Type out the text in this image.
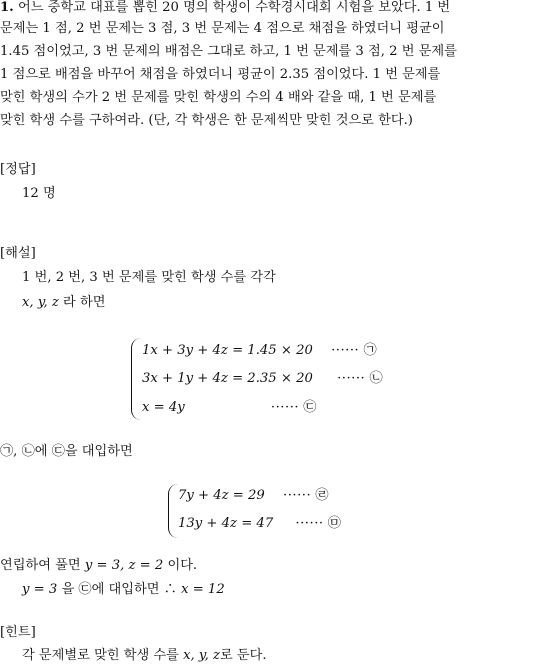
1. 어느 중학교 대표를 뽑힌 20 명의 학생이 수학경시대회 시험을 보았다. 1 번
문제는 1 점, 2 번 문제는 3 점, 3 번 문제는 4 점으로 채점을 하였더니 평균이
1.45 점이었고, 3 번 문제의 배점은 그대로 하고, 1 번 문제를 3 점, 2 번 문제를
1 점으로 배점을 바꾸어 채점을 하였더니 평균이 2.35 점이었다. 1 번 문제를
맞힌 학생의 수가 2 번 문제를 맞힌 학생의 수의 4 배와 같을 때, 1 번 문제를
맞힌 학생 수를 구하여라. (단, 각 학생은 한 문제씩만 맞힌 것으로 한다.)
[정답]
12 명
[해설]
1 번, 2 번, 3 번 문제를 맞힌 학생 수를 각각
x, y, z 라 하면
1x + 3y + 4z = 1.45 × 20 ······ ㉠
3x + 1y + 4z = 2.35 × 20 ······ ㉡
x = 4y	······ ㉢
㉠, ㉡에 ㉢을 대입하면
7y + 4z = 29 ······ ㉣
13y + 4z = 47 ······ ㉤
연립하여 풀면 y = 3, z = 2 이다.
y = 3 을 ㉢에 대입하면 ∴ x = 12
[힌트]
각 문제별로 맞힌 학생 수를 x, y, z로 둔다.
